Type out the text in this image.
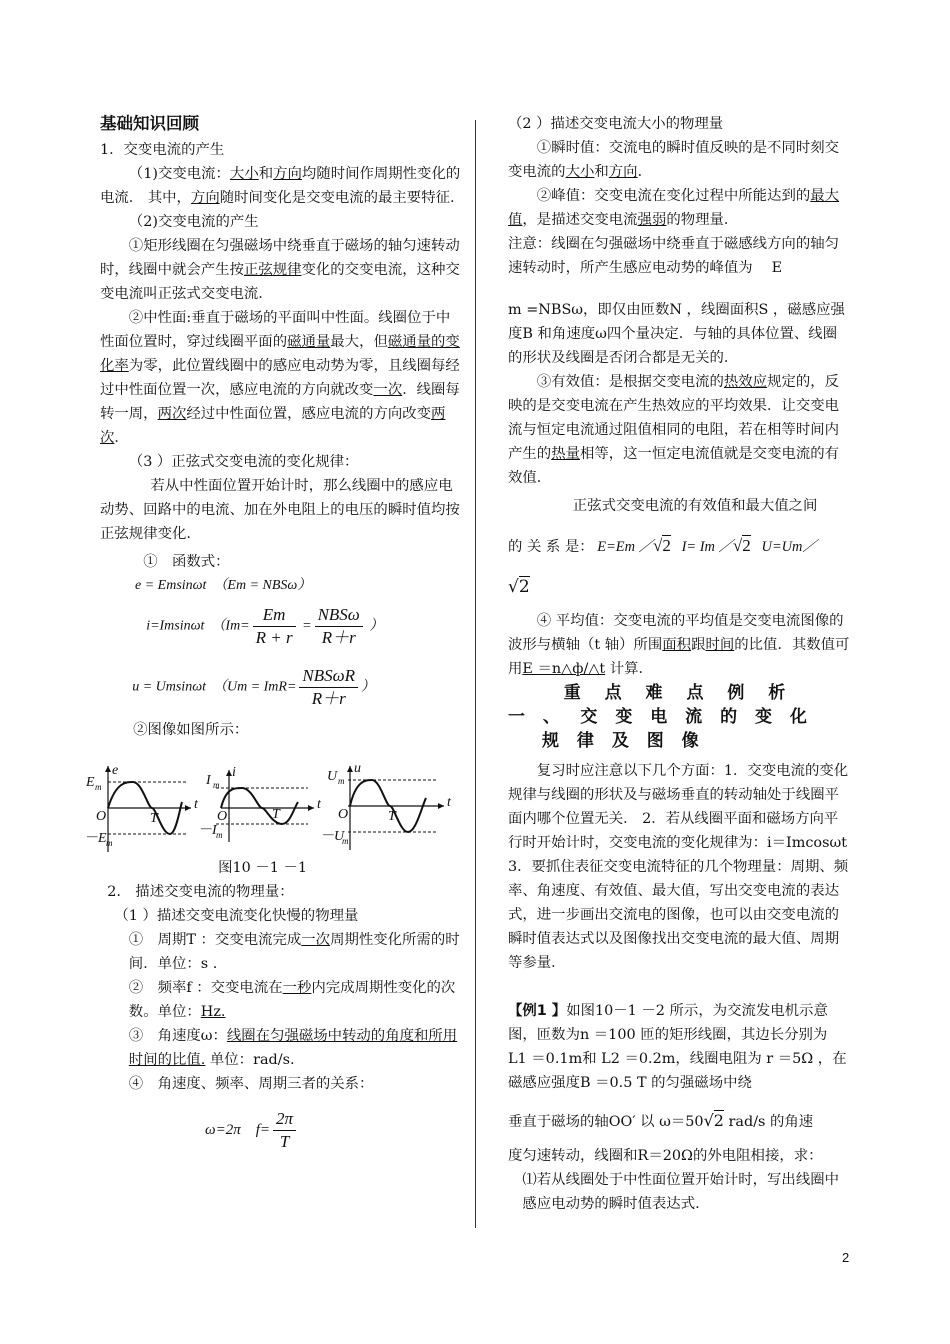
基础知识回顾

1．交变电流的产生

（1)交变电流：大小和方向均随时间作周期性变化的电流． 其中，方向随时间变化是交变电流的最主要特征.

（2)交变电流的产生

①矩形线圈在匀强磁场中绕垂直于磁场的轴匀速转动时，线圈中就会产生按正弦规律变化的交变电流，这种交变电流叫正弦式交变电流．

②中性面:垂直于磁场的平面叫中性面。线圈位于中性面位置时，穿过线圈平面的磁通量最大，但磁通量的变化率为零，此位置线圈中的感应电动势为零，且线圈每经过中性面位置一次，感应电流的方向就改变一次．线圈每转一周，两次经过中性面位置，感应电流的方向改变两次．

（3 ）正弦式交变电流的变化规律：

若从中性面位置开始计时，那么线圈中的感应电动势、回路中的电流、加在外电阻上的电压的瞬时值均按正弦规律变化.

①　函数式：

e = Emsinωt　（Em = NBSω）

i=Imsinωt　（$Im= \frac{Em}{R + r} = \frac{\text{NBSω}}{R+r}$ ）
u = Umsinωt　（$Um = ImR= \frac{\text{NBSωR}}{R+r}$ ）

②图像如图所示：

E m
e
O	T
t
－E m
I m
i
O	T
t
－I m
U m
u
O	T
t
－U
m

图10 －1 －1

2.　描述交变电流的物理量：

（1 ）描述交变电流变化快慢的物理量

①　周期T ：交变电流完成一次周期性变化所需的时间．单位：s .

②　频率f ：交变电流在一秒内完成周期性变化的次数。单位：Hz.

③　角速度ω：线圈在匀强磁场中转动的角度和所用时间的比值. 单位：rad/s.

④　角速度、频率、周期三者的关系：

ω=2π　$f= \frac{2\pi}{T}$

（2 ）描述交变电流大小的物理量

①瞬时值：交流电的瞬时值反映的是不同时刻交变电流的大小和方向．

②峰值：交变电流在变化过程中所能达到的最大值，是描述交变电流强弱的物理量．

注意：线圈在匀强磁场中绕垂直于磁感线方向的轴匀速转动时，所产生感应电动势的峰值为　 E

m =NBSω，即仅由匝数N ，线圈面积S ，磁感应强度B 和角速度ω四个量决定．与轴的具体位置、线圈的形状及线圈是否闭合都是无关的．

③有效值：是根据交变电流的热效应规定的，反映的是交变电流在产生热效应的平均效果．让交变电流与恒定电流通过阻值相同的电阻，若在相等时间内产生的热量相等，这一恒定电流值就是交变电流的有效值．

正弦式交变电流的有效值和最大值之间

的 关 系 是： E=Em ／√2 I= Im ／√2 U=Um／

√2

④ 平均值：交变电流的平均值是交变电流图像的波形与横轴（t 轴）所围面积跟时间的比值．其数值可用E ＝n△ф/△t 计算．

重 点 难 点 例 析

一 、　交 变 电 流 的 变 化

规 律 及 图 像

复习时应注意以下几个方面：1．交变电流的变化规律与线圈的形状及与磁场垂直的转动轴处于线圈平面内哪个位置无关． 2．若从线圈平面和磁场方向平行时开始计时，交变电流的变化规律为：i＝Imcosωt　3．要抓住表征交变电流特征的几个物理量：周期、频率、角速度、有效值、最大值，写出交变电流的表达式，进一步画出交流电的图像，也可以由交变电流的瞬时值表达式以及图像找出交变电流的最大值、周期等参量．

【例1 】如图10－1 －2 所示，为交流发电机示意图，匝数为n ＝100 匝的矩形线圈，其边长分别为　L1 ＝0.1m和 L2 ＝0.2m，线圈电阻为 r ＝5Ω ，在磁感应强度B ＝0.5 T 的匀强磁场中绕

垂直于磁场的轴OO′ 以 ω＝50√2 rad/s 的角速

度匀速转动，线圈和R＝20Ω的外电阻相接，求：

⑴若从线圈处于中性面位置开始计时，写出线圈中感应电动势的瞬时值表达式.

2
